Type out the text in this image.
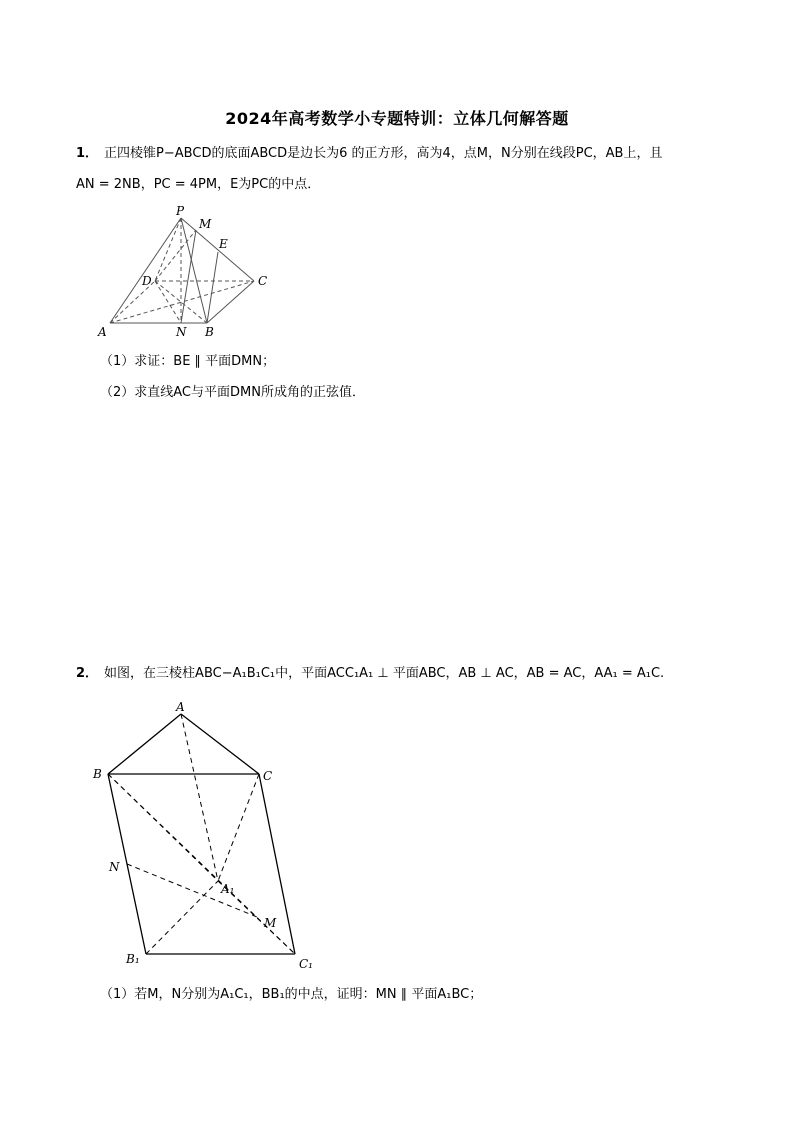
2024年高考数学小专题特训：立体几何解答题
1． 正四棱锥P−ABCD的底面ABCD是边长为6 的正方形，高为4，点M，N分别在线段PC，AB上，且
AN = 2NB，PC = 4PM，E为PC的中点．
P
M
E
D	C
A	N B
（1）求证：BE ∥ 平面DMN；
（2）求直线AC与平面DMN所成角的正弦值．
2． 如图，在三棱柱ABC−A₁B₁C₁中，平面ACC₁A₁ ⊥ 平面ABC，AB ⊥ AC，AB = AC，AA₁ = A₁C.
A
B	C
N
A₁
M
B₁	C₁
（1）若M，N分别为A₁C₁，BB₁的中点，证明：MN ∥ 平面A₁BC；
